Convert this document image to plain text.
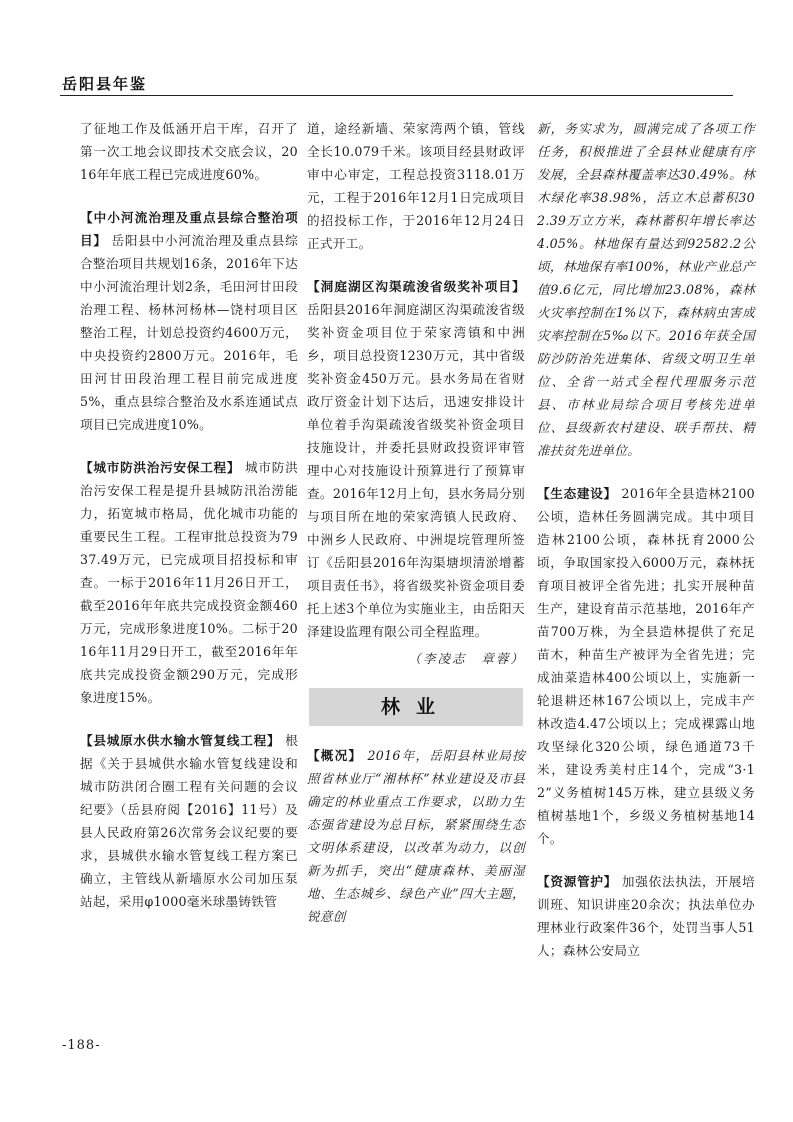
岳阳县年鉴

了征地工作及低涵开启干库，召开了第一次工地会议即技术交底会议，2016年年底工程已完成进度60%。

【中小河流治理及重点县综合整治项目】 岳阳县中小河流治理及重点县综合整治项目共规划16条，2016年下达中小河流治理计划2条，毛田河甘田段治理工程、杨林河杨林—饶村项目区整治工程，计划总投资约4600万元，中央投资约2800万元。2016年，毛田河甘田段治理工程目前完成进度5%，重点县综合整治及水系连通试点项目已完成进度10%。

【城市防洪治污安保工程】 城市防洪治污安保工程是提升县城防汛治涝能力，拓宽城市格局，优化城市功能的重要民生工程。工程审批总投资为7937.49万元，已完成项目招投标和审查。一标于2016年11月26日开工，截至2016年年底共完成投资金额460万元，完成形象进度10%。二标于2016年11月29日开工，截至2016年年底共完成投资金额290万元，完成形象进度15%。

【县城原水供水输水管复线工程】 根据《关于县城供水输水管复线建设和城市防洪闭合圈工程有关问题的会议纪要》（岳县府阅【2016】11号）及县人民政府第26次常务会议纪要的要求，县城供水输水管复线工程方案已确立，主管线从新墙原水公司加压泵站起，采用φ1000毫米球墨铸铁管

道，途经新墙、荣家湾两个镇，管线全长10.079千米。该项目经县财政评审中心审定，工程总投资3118.01万元，工程于2016年12月1日完成项目的招投标工作，于2016年12月24日正式开工。

【洞庭湖区沟渠疏浚省级奖补项目】 岳阳县2016年洞庭湖区沟渠疏浚省级奖补资金项目位于荣家湾镇和中洲乡，项目总投资1230万元，其中省级奖补资金450万元。县水务局在省财政厅资金计划下达后，迅速安排设计单位着手沟渠疏浚省级奖补资金项目技施设计，并委托县财政投资评审管理中心对技施设计预算进行了预算审查。2016年12月上旬，县水务局分别与项目所在地的荣家湾镇人民政府、中洲乡人民政府、中洲堤垸管理所签订《岳阳县2016年沟渠塘坝清淤增蓄项目责任书》，将省级奖补资金项目委托上述3个单位为实施业主，由岳阳天泽建设监理有限公司全程监理。

（李凌志　章蓉）
林业

【概况】 2016年，岳阳县林业局按照省林业厅“湘林杯”林业建设及市县确定的林业重点工作要求，以助力生态强省建设为总目标，紧紧围绕生态文明体系建设，以改革为动力，以创新为抓手，突出“健康森林、美丽湿地、生态城乡、绿色产业”四大主题，锐意创

新，务实求为，圆满完成了各项工作任务，积极推进了全县林业健康有序发展，全县森林覆盖率达30.49%。林木绿化率38.98%，活立木总蓄积302.39万立方米，森林蓄积年增长率达4.05%。林地保有量达到92582.2公顷，林地保有率100%，林业产业总产值9.6亿元，同比增加23.08%，森林火灾率控制在1%以下，森林病虫害成灾率控制在5‰以下。2016年获全国防沙防治先进集体、省级文明卫生单位、全省一站式全程代理服务示范县、市林业局综合项目考核先进单位、县级新农村建设、联手帮扶、精准扶贫先进单位。

【生态建设】 2016年全县造林2100公顷，造林任务圆满完成。其中项目造林2100公顷，森林抚育2000公顷，争取国家投入6000万元，森林抚育项目被评全省先进；扎实开展种苗生产，建设育苗示范基地，2016年产苗700万株，为全县造林提供了充足苗木，种苗生产被评为全省先进；完成油菜造林400公顷以上，实施新一轮退耕还林167公顷以上，完成丰产林改造4.47公顷以上；完成裸露山地攻坚绿化320公顷，绿色通道73千米，建设秀美村庄14个，完成“3·12”义务植树145万株，建立县级义务植树基地1个，乡级义务植树基地14个。

【资源管护】 加强依法执法，开展培训班、知识讲座20余次；执法单位办理林业行政案件36个，处罚当事人51人；森林公安局立

-188-
